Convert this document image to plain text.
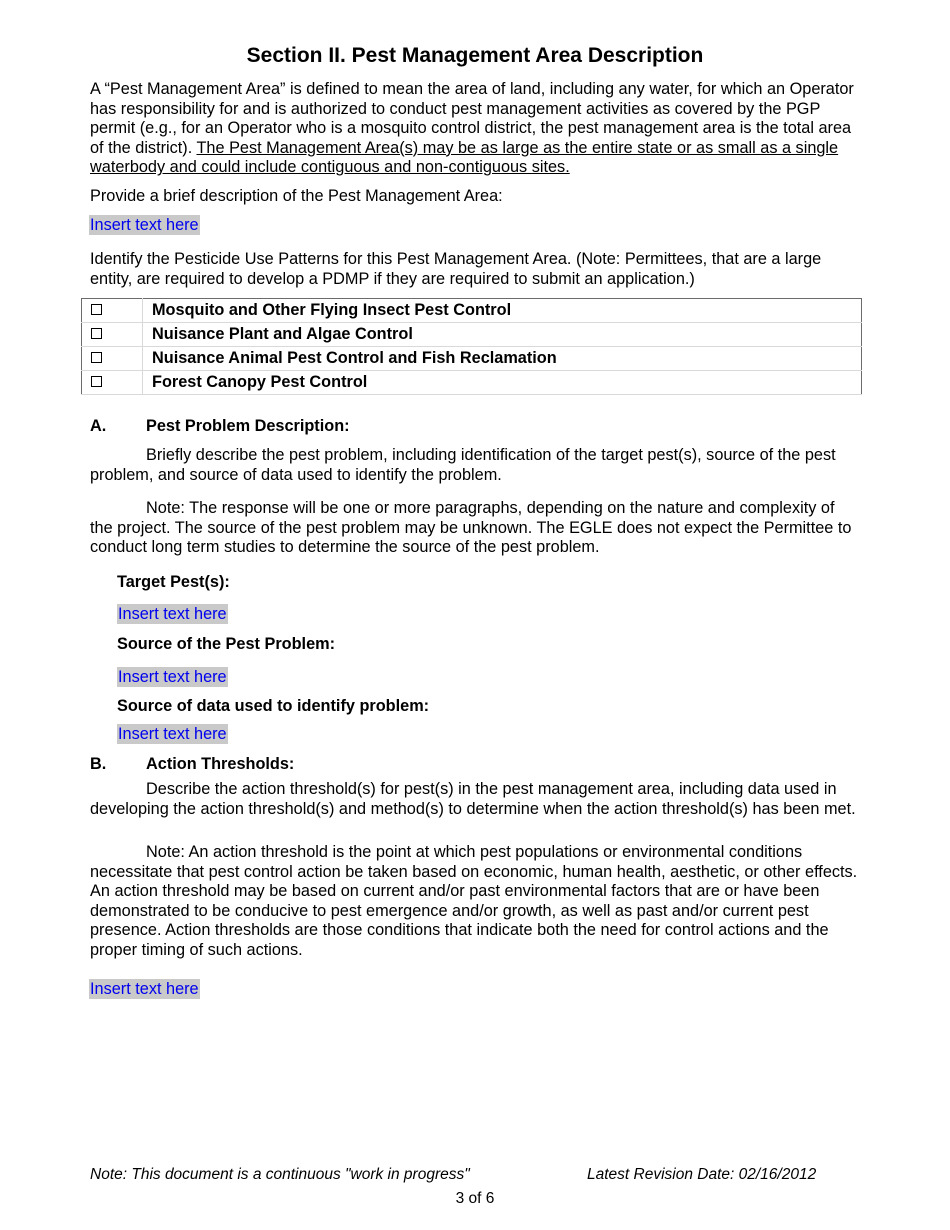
Section II. Pest Management Area Description
A “Pest Management Area” is defined to mean the area of land, including any water, for which an Operator has responsibility for and is authorized to conduct pest management activities as covered by the PGP permit (e.g., for an Operator who is a mosquito control district, the pest management area is the total area of the district). The Pest Management Area(s) may be as large as the entire state or as small as a single waterbody and could include contiguous and non-contiguous sites.
Provide a brief description of the Pest Management Area:
Insert text here
Identify the Pesticide Use Patterns for this Pest Management Area. (Note: Permittees, that are a large entity, are required to develop a PDMP if they are required to submit an application.)
	Mosquito and Other Flying Insect Pest Control
	Nuisance Plant and Algae Control
	Nuisance Animal Pest Control and Fish Reclamation
	Forest Canopy Pest Control
A. Pest Problem Description:
Briefly describe the pest problem, including identification of the target pest(s), source of the pest problem, and source of data used to identify the problem.
Note: The response will be one or more paragraphs, depending on the nature and complexity of the project. The source of the pest problem may be unknown. The EGLE does not expect the Permittee to conduct long term studies to determine the source of the pest problem.
Target Pest(s):
Insert text here
Source of the Pest Problem:
Insert text here
Source of data used to identify problem:
Insert text here
B. Action Thresholds:
Describe the action threshold(s) for pest(s) in the pest management area, including data used in developing the action threshold(s) and method(s) to determine when the action threshold(s) has been met.
Note: An action threshold is the point at which pest populations or environmental conditions necessitate that pest control action be taken based on economic, human health, aesthetic, or other effects. An action threshold may be based on current and/or past environmental factors that are or have been demonstrated to be conducive to pest emergence and/or growth, as well as past and/or current pest presence. Action thresholds are those conditions that indicate both the need for control actions and the proper timing of such actions.
Insert text here
Note: This document is a continuous "work in progress"	Latest Revision Date: 02/16/2012
3 of 6
